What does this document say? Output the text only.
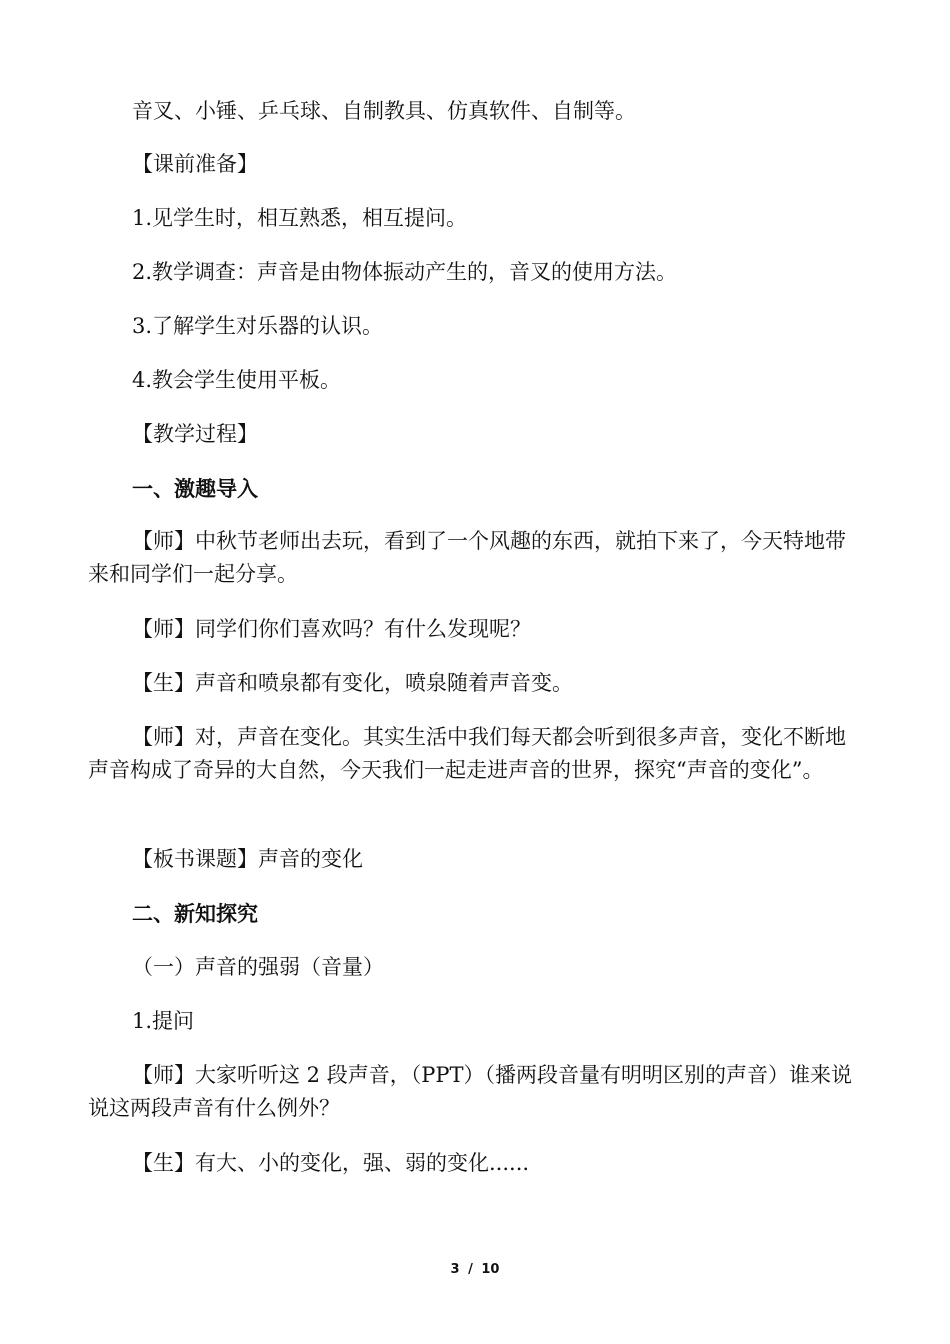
音叉、小锤、乒乓球、自制教具、仿真软件、自制等。
【课前准备】
1.见学生时，相互熟悉，相互提问。
2.教学调查：声音是由物体振动产生的，音叉的使用方法。
3.了解学生对乐器的认识。
4.教会学生使用平板。
【教学过程】
一、激趣导入
【师】中秋节老师出去玩，看到了一个风趣的东西，就拍下来了，今天特地带来和同学们一起分享。
【师】同学们你们喜欢吗？有什么发现呢？
【生】声音和喷泉都有变化，喷泉随着声音变。
【师】对，声音在变化。其实生活中我们每天都会听到很多声音，变化不断地声音构成了奇异的大自然，今天我们一起走进声音的世界，探究“声音的变化”。
【板书课题】声音的变化
二、新知探究
（一）声音的强弱（音量）
1.提问
【师】大家听听这 2 段声音，（PPT）（播两段音量有明明区别的声音）谁来说说这两段声音有什么例外？
【生】有大、小的变化，强、弱的变化......
3 / 10
